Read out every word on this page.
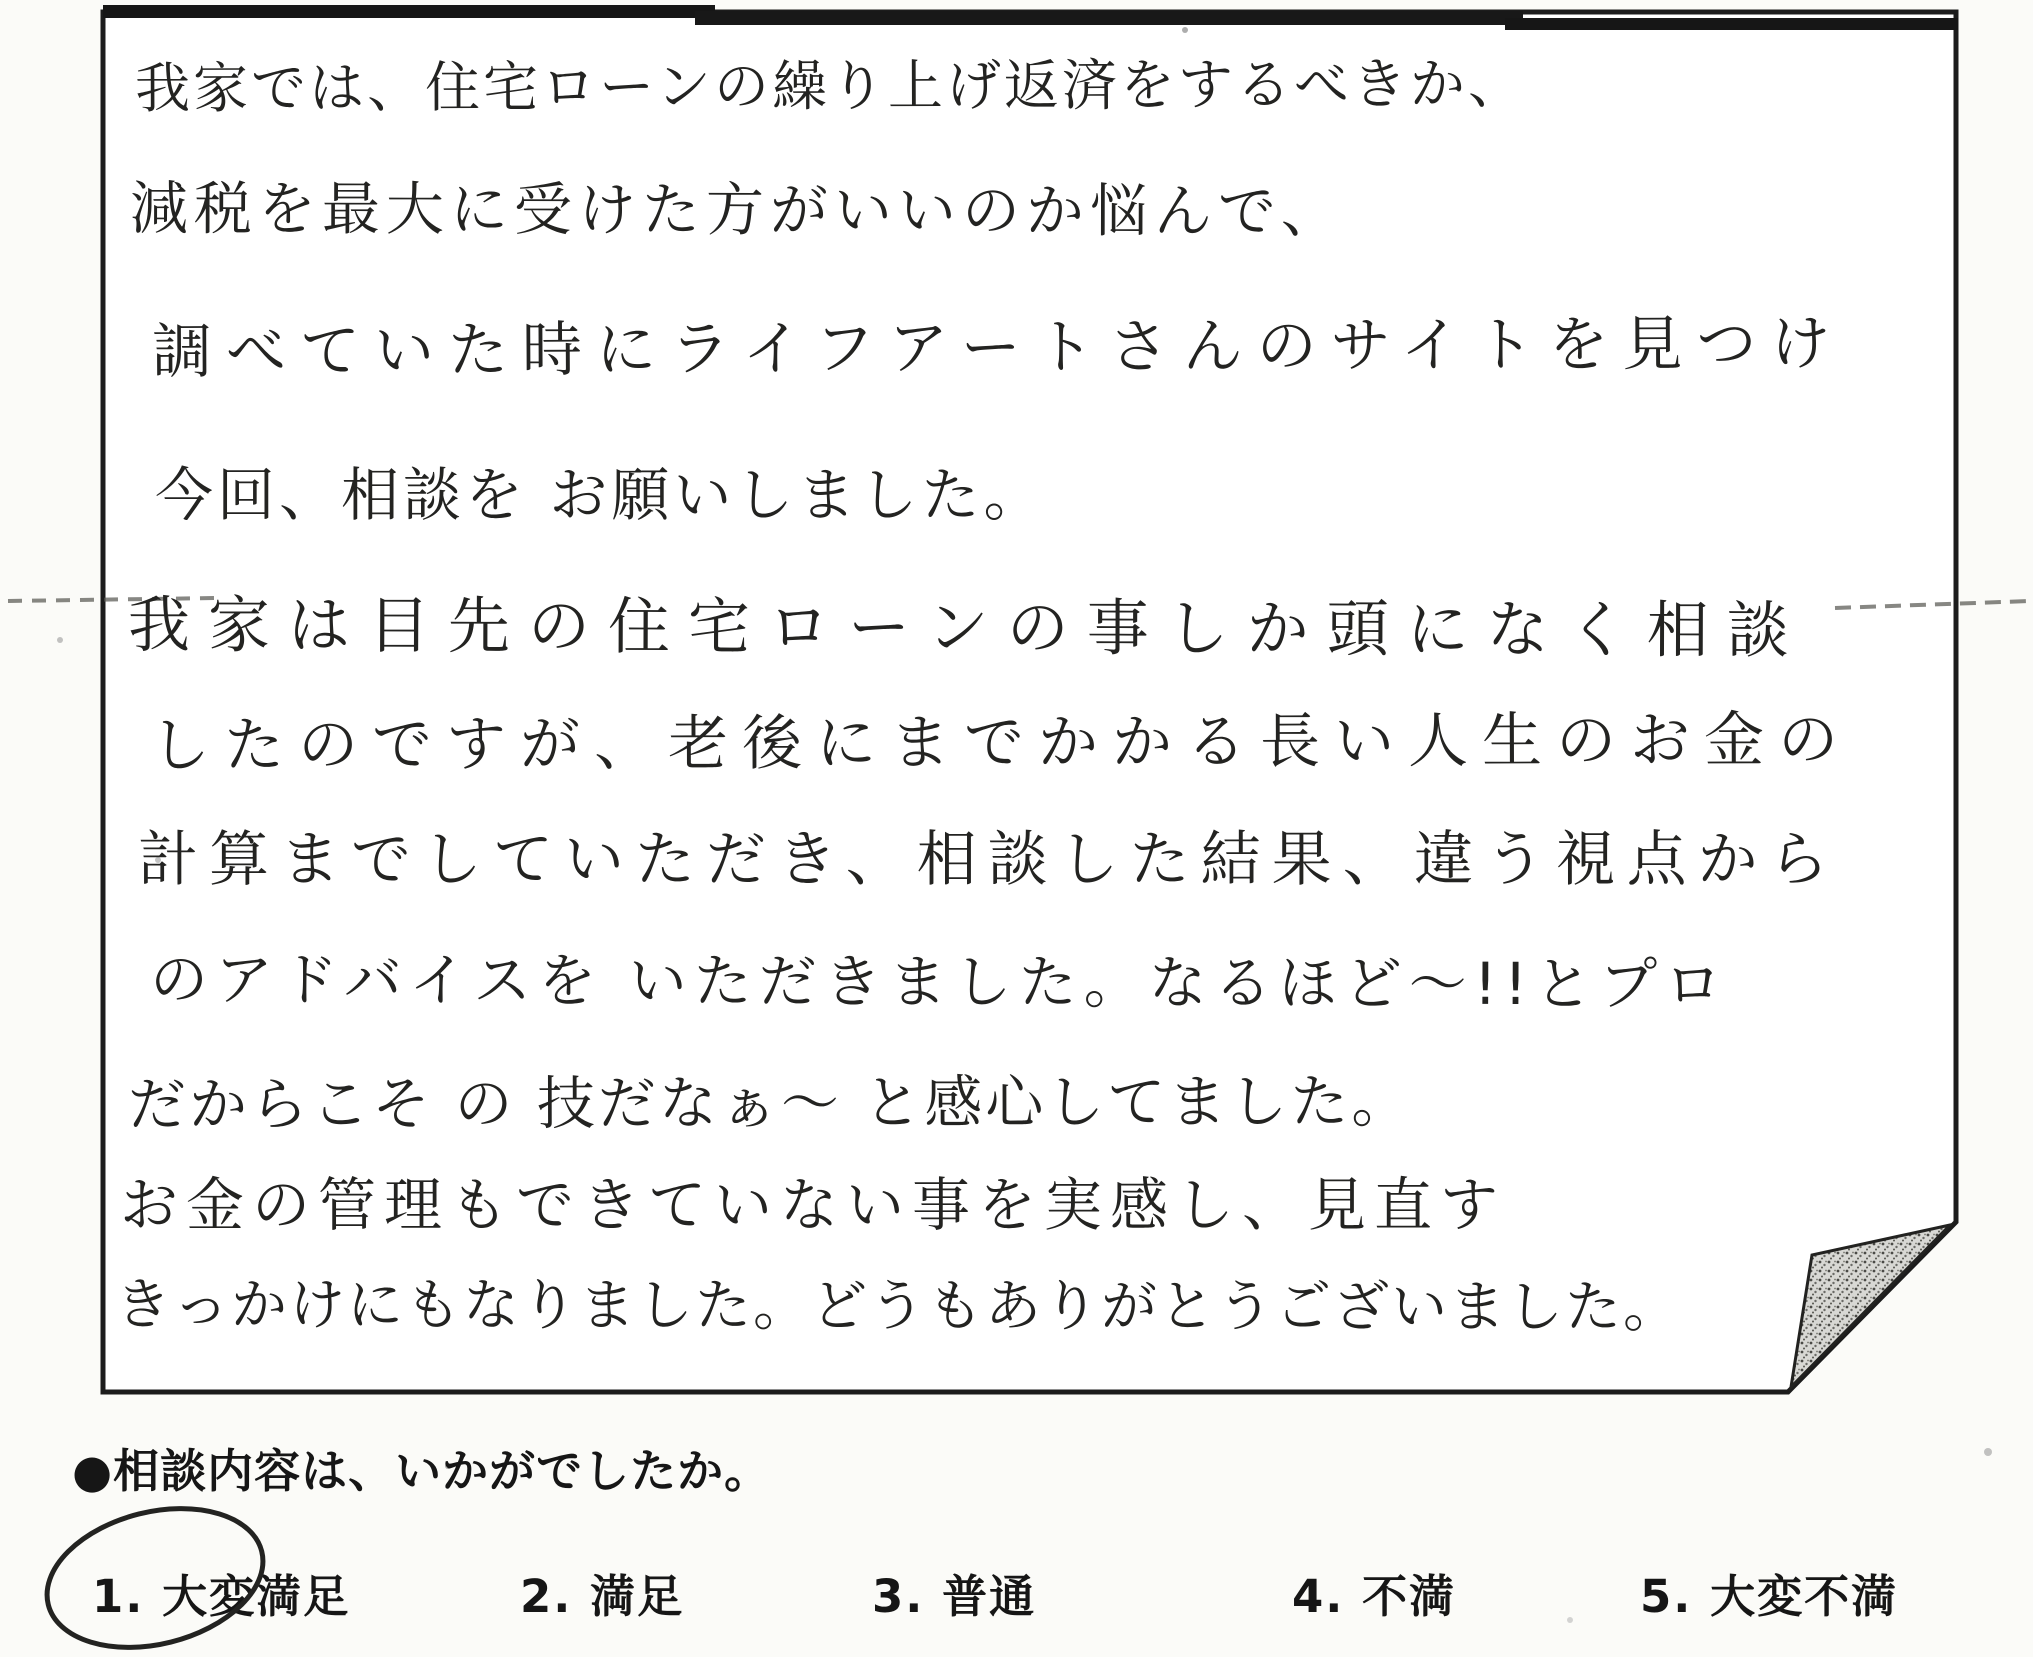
我家では、住宅ローンの繰り上げ返済をするべきか、
減税を最大に受けた方がいいのか悩んで、
調べていた時にライフアートさんのサイトを見つけ
今回、相談を お願いしました。
我家は目先の住宅ローンの事しか頭になく相談
したのですが、老後にまでかかる長い人生のお金の
計算までしていただき、相談した結果、違う視点から
のアドバイスを いただきました。なるほど〜!!とプロ
だからこそ の 技だなぁ〜 と感心してました。
お金の管理もできていない事を実感し、見直す
きっかけにもなりました。どうもありがとうございました。
●相談内容は、いかがでしたか。
1. 大変満足	2. 満足	3. 普通	4. 不満	5. 大変不満
